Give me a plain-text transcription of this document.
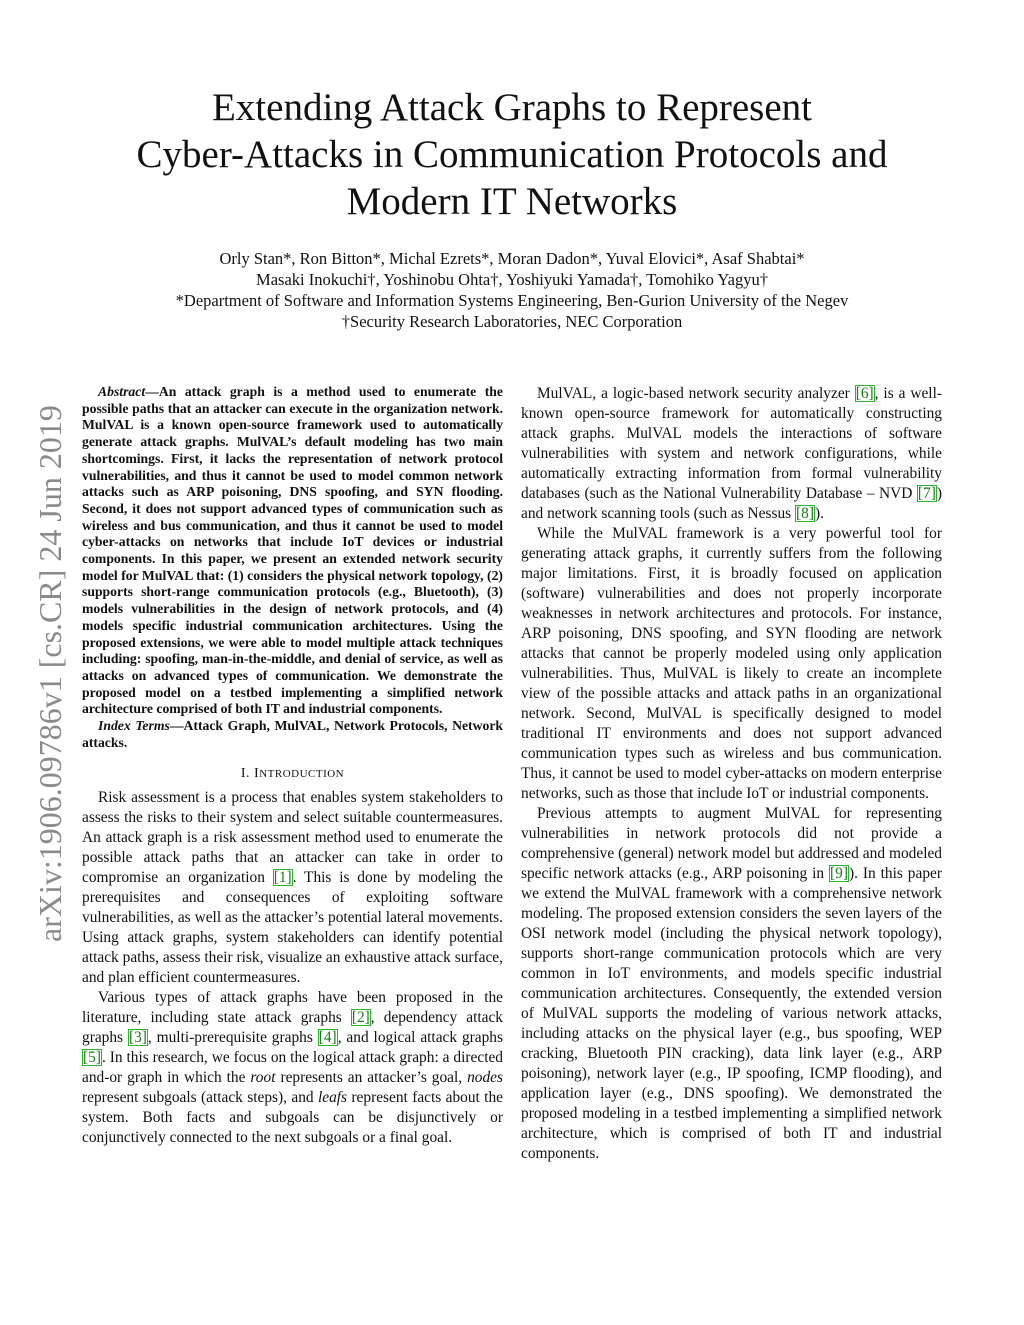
arXiv:1906.09786v1 [cs.CR] 24 Jun 2019
Extending Attack Graphs to Represent
Cyber-Attacks in Communication Protocols and
Modern IT Networks
Orly Stan*, Ron Bitton*, Michal Ezrets*, Moran Dadon*, Yuval Elovici*, Asaf Shabtai*
Masaki Inokuchi†, Yoshinobu Ohta†, Yoshiyuki Yamada†, Tomohiko Yagyu†
*Department of Software and Information Systems Engineering, Ben-Gurion University of the Negev
†Security Research Laboratories, NEC Corporation

Abstract—An attack graph is a method used to enumerate the possible paths that an attacker can execute in the organization network. MulVAL is a known open-source framework used to automatically generate attack graphs. MulVAL’s default modeling has two main shortcomings. First, it lacks the representation of network protocol vulnerabilities, and thus it cannot be used to model common network attacks such as ARP poisoning, DNS spoofing, and SYN flooding. Second, it does not support advanced types of communication such as wireless and bus communication, and thus it cannot be used to model cyber-attacks on networks that include IoT devices or industrial components. In this paper, we present an extended network security model for MulVAL that: (1) considers the physical network topology, (2) supports short-range communication protocols (e.g., Bluetooth), (3) models vulnerabilities in the design of network protocols, and (4) models specific industrial communication architectures. Using the proposed extensions, we were able to model multiple attack techniques including: spoofing, man-in-the-middle, and denial of service, as well as attacks on advanced types of communication. We demonstrate the proposed model on a testbed implementing a simplified network architecture comprised of both IT and industrial components.

Index Terms—Attack Graph, MulVAL, Network Protocols, Network attacks.

I. INTRODUCTION

Risk assessment is a process that enables system stakeholders to assess the risks to their system and select suitable countermeasures. An attack graph is a risk assessment method used to enumerate the possible attack paths that an attacker can take in order to compromise an organization [1]. This is done by modeling the prerequisites and consequences of exploiting software vulnerabilities, as well as the attacker’s potential lateral movements. Using attack graphs, system stakeholders can identify potential attack paths, assess their risk, visualize an exhaustive attack surface, and plan efficient countermeasures.

Various types of attack graphs have been proposed in the literature, including state attack graphs [2], dependency attack graphs [3], multi-prerequisite graphs [4], and logical attack graphs [5]. In this research, we focus on the logical attack graph: a directed and-or graph in which the root represents an attacker’s goal, nodes represent subgoals (attack steps), and leafs represent facts about the system. Both facts and subgoals can be disjunctively or conjunctively connected to the next subgoals or a final goal.

MulVAL, a logic-based network security analyzer [6], is a well-known open-source framework for automatically constructing attack graphs. MulVAL models the interactions of software vulnerabilities with system and network configurations, while automatically extracting information from formal vulnerability databases (such as the National Vulnerability Database – NVD [7]) and network scanning tools (such as Nessus [8]).

While the MulVAL framework is a very powerful tool for generating attack graphs, it currently suffers from the following major limitations. First, it is broadly focused on application (software) vulnerabilities and does not properly incorporate weaknesses in network architectures and protocols. For instance, ARP poisoning, DNS spoofing, and SYN flooding are network attacks that cannot be properly modeled using only application vulnerabilities. Thus, MulVAL is likely to create an incomplete view of the possible attacks and attack paths in an organizational network. Second, MulVAL is specifically designed to model traditional IT environments and does not support advanced communication types such as wireless and bus communication. Thus, it cannot be used to model cyber-attacks on modern enterprise networks, such as those that include IoT or industrial components.

Previous attempts to augment MulVAL for representing vulnerabilities in network protocols did not provide a comprehensive (general) network model but addressed and modeled specific network attacks (e.g., ARP poisoning in [9]). In this paper we extend the MulVAL framework with a comprehensive network modeling. The proposed extension considers the seven layers of the OSI network model (including the physical network topology), supports short-range communication protocols which are very common in IoT environments, and models specific industrial communication architectures. Consequently, the extended version of MulVAL supports the modeling of various network attacks, including attacks on the physical layer (e.g., bus spoofing, WEP cracking, Bluetooth PIN cracking), data link layer (e.g., ARP poisoning), network layer (e.g., IP spoofing, ICMP flooding), and application layer (e.g., DNS spoofing). We demonstrated the proposed modeling in a testbed implementing a simplified network architecture, which is comprised of both IT and industrial components.
